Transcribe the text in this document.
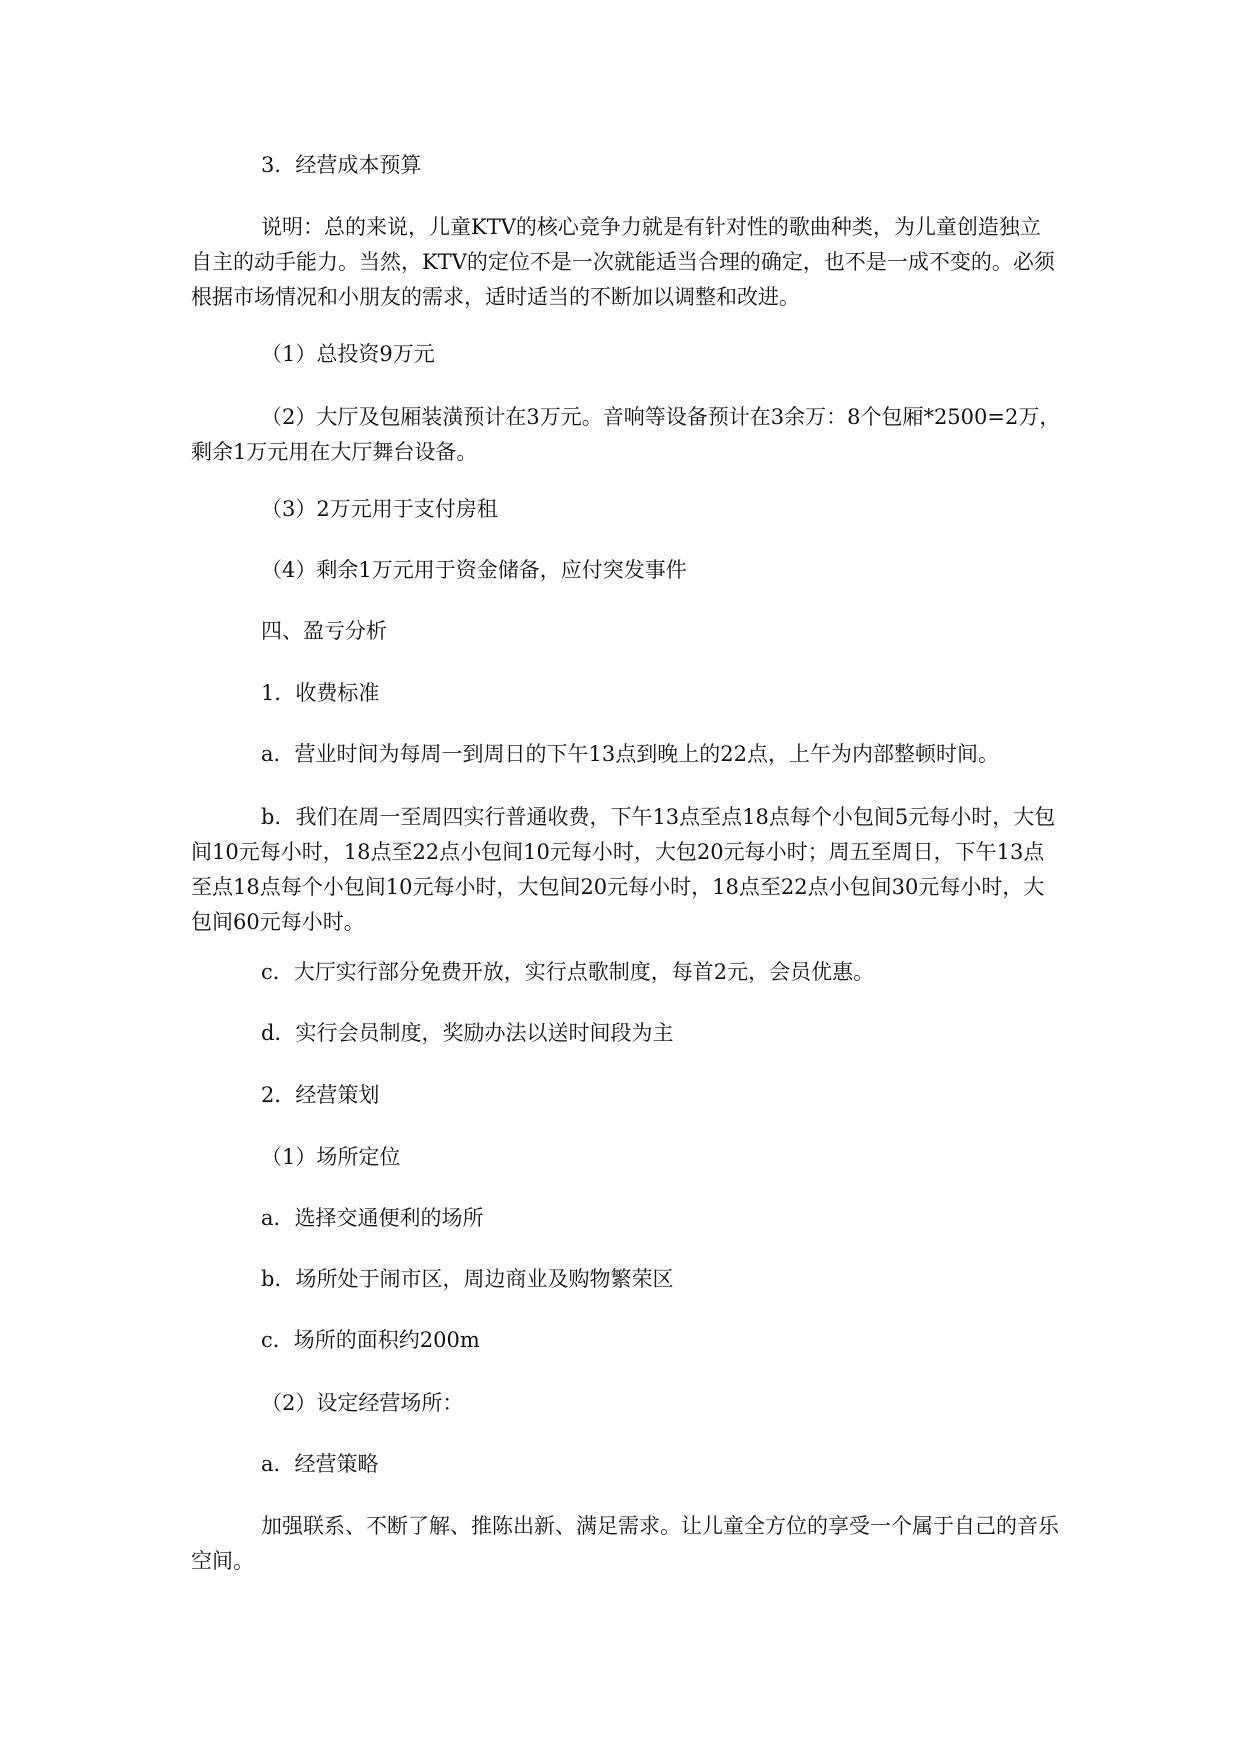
3．经营成本预算

说明：总的来说，儿童KTV的核心竞争力就是有针对性的歌曲种类，为儿童创造独立自主的动手能力。当然，KTV的定位不是一次就能适当合理的确定，也不是一成不变的。必须根据市场情况和小朋友的需求，适时适当的不断加以调整和改进。

（1）总投资9万元

（2）大厅及包厢装潢预计在3万元。音响等设备预计在3余万：8个包厢*2500=2万，剩余1万元用在大厅舞台设备。

（3）2万元用于支付房租

（4）剩余1万元用于资金储备，应付突发事件

四、盈亏分析

1．收费标准

a．营业时间为每周一到周日的下午13点到晚上的22点，上午为内部整顿时间。

b．我们在周一至周四实行普通收费，下午13点至点18点每个小包间5元每小时，大包间10元每小时，18点至22点小包间10元每小时，大包20元每小时；周五至周日，下午13点至点18点每个小包间10元每小时，大包间20元每小时，18点至22点小包间30元每小时，大包间60元每小时。

c．大厅实行部分免费开放，实行点歌制度，每首2元，会员优惠。

d．实行会员制度，奖励办法以送时间段为主

2．经营策划

（1）场所定位

a．选择交通便利的场所

b．场所处于闹市区，周边商业及购物繁荣区

c．场所的面积约200m

（2）设定经营场所：

a．经营策略

加强联系、不断了解、推陈出新、满足需求。让儿童全方位的享受一个属于自己的音乐空间。
